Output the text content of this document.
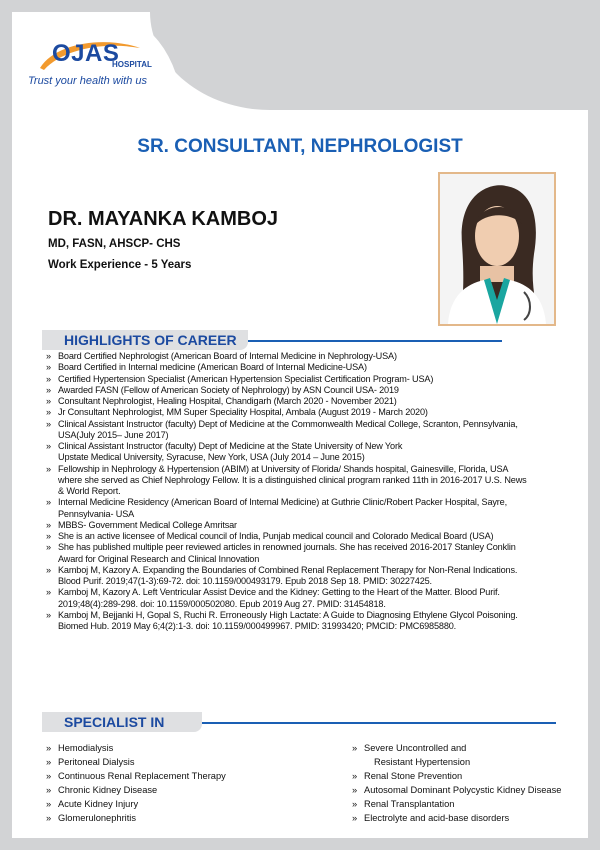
OJAS
HOSPITAL
Trust your health with us
SR. CONSULTANT, NEPHROLOGIST
DR. MAYANKA KAMBOJ
MD, FASN, AHSCP- CHS
Work Experience - 5 Years
HIGHLIGHTS OF CAREER
» Board Certified Nephrologist (American Board of Internal Medicine in Nephrology-USA)
» Board Certified in Internal medicine (American Board of Internal Medicine-USA)
» Certified Hypertension Specialist (American Hypertension Specialist Certification Program- USA)
» Awarded FASN (Fellow of American Society of Nephrology) by ASN Council USA- 2019
» Consultant Nephrologist, Healing Hospital, Chandigarh (March 2020 - November 2021)
» Jr Consultant Nephrologist, MM Super Speciality Hospital, Ambala (August 2019 - March 2020)
» Clinical Assistant Instructor (faculty) Dept of Medicine at the Commonwealth Medical College, Scranton, Pennsylvania,
USA(July 2015– June 2017)
» Clinical Assistant Instructor (faculty) Dept of Medicine at the State University of New York
Upstate Medical University, Syracuse, New York, USA (July 2014 – June 2015)
» Fellowship in Nephrology & Hypertension (ABIM) at University of Florida/ Shands hospital, Gainesville, Florida, USA
where she served as Chief Nephrology Fellow. It is a distinguished clinical program ranked 11th in 2016-2017 U.S. News
& World Report.
» Internal Medicine Residency (American Board of Internal Medicine) at Guthrie Clinic/Robert Packer Hospital, Sayre,
Pennsylvania- USA
» MBBS- Government Medical College Amritsar
» She is an active licensee of Medical council of India, Punjab medical council and Colorado Medical Board (USA)
» She has published multiple peer reviewed articles in renowned journals. She has received 2016-2017 Stanley Conklin
Award for Original Research and Clinical Innovation
» Kamboj M, Kazory A. Expanding the Boundaries of Combined Renal Replacement Therapy for Non-Renal Indications.
Blood Purif. 2019;47(1-3):69-72. doi: 10.1159/000493179. Epub 2018 Sep 18. PMID: 30227425.
» Kamboj M, Kazory A. Left Ventricular Assist Device and the Kidney: Getting to the Heart of the Matter. Blood Purif.
2019;48(4):289-298. doi: 10.1159/000502080. Epub 2019 Aug 27. PMID: 31454818.
» Kamboj M, Bejjanki H, Gopal S, Ruchi R. Erroneously High Lactate: A Guide to Diagnosing Ethylene Glycol Poisoning.
Biomed Hub. 2019 May 6;4(2):1-3. doi: 10.1159/000499967. PMID: 31993420; PMCID: PMC6985880.
SPECIALIST IN
» Hemodialysis
» Peritoneal Dialysis
» Continuous Renal Replacement Therapy
» Chronic Kidney Disease
» Acute Kidney Injury
» Glomerulonephritis
» Severe Uncontrolled and
Resistant Hypertension
» Renal Stone Prevention
» Autosomal Dominant Polycystic Kidney Disease
» Renal Transplantation
» Electrolyte and acid-base disorders
